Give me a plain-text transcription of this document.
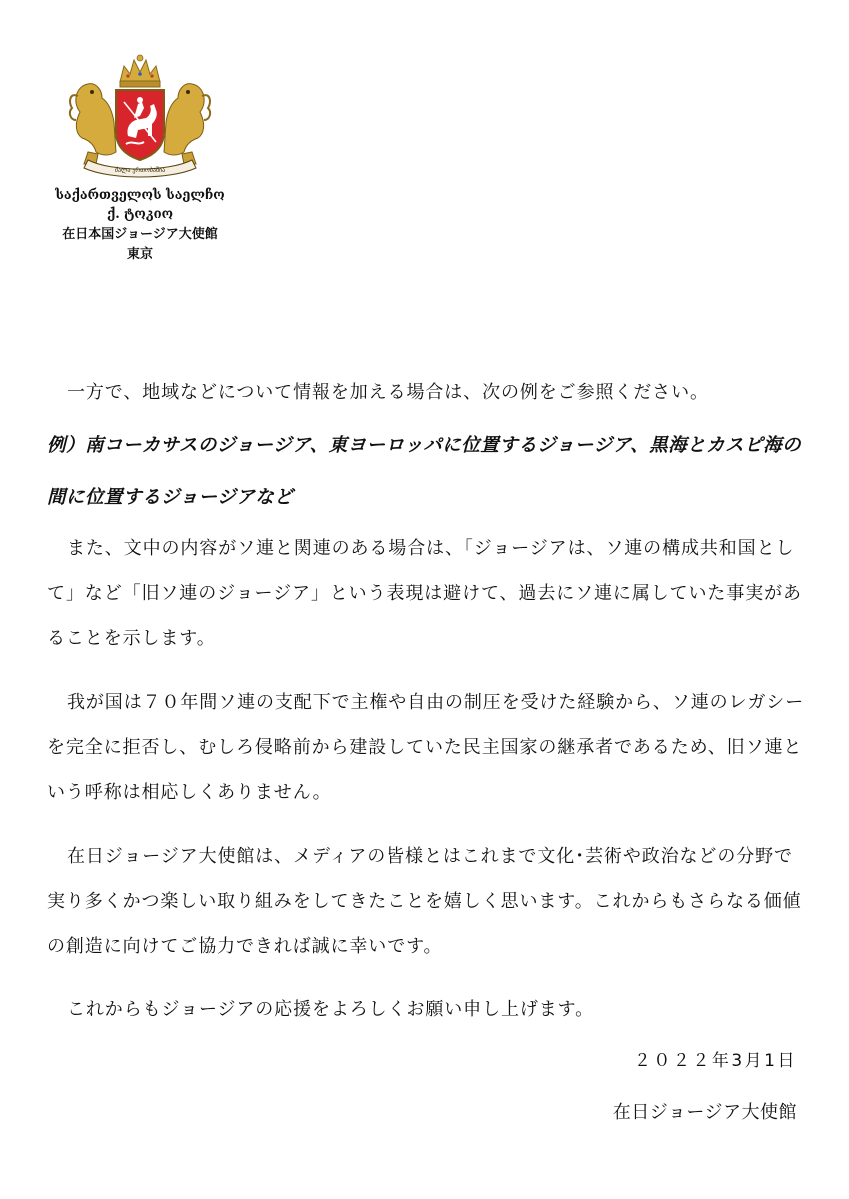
ძალა ერთობაშია
საქართველოს საელჩო
ქ. ტოკიო
在日本国ジョージア大使館
東京
一方で、地域などについて情報を加える場合は、次の例をご参照ください。
例）南コーカサスのジョージア、東ヨーロッパに位置するジョージア、黒海とカスピ海の間に位置するジョージアなど
また、文中の内容がソ連と関連のある場合は、「ジョージアは、ソ連の構成共和国として」など「旧ソ連のジョージア」という表現は避けて、過去にソ連に属していた事実があることを示します。
我が国は７０年間ソ連の支配下で主権や自由の制圧を受けた経験から、ソ連のレガシーを完全に拒否し、むしろ侵略前から建設していた民主国家の継承者であるため、旧ソ連という呼称は相応しくありません。
在日ジョージア大使館は、メディアの皆様とはこれまで文化･芸術や政治などの分野で実り多くかつ楽しい取り組みをしてきたことを嬉しく思います。これからもさらなる価値の創造に向けてご協力できれば誠に幸いです。
これからもジョージアの応援をよろしくお願い申し上げます。
２０２２年3月1日
在日ジョージア大使館
